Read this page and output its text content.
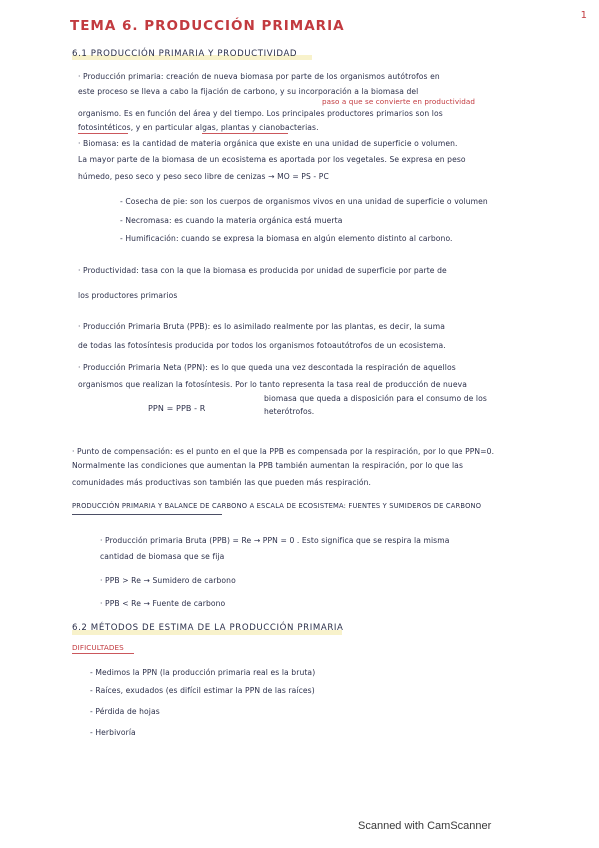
TEMA 6. PRODUCCIÓN PRIMARIA
1
6.1 PRODUCCIÓN PRIMARIA Y PRODUCTIVIDAD
· Producción primaria: creación de nueva biomasa por parte de los organismos autótrofos en
paso a que se convierte en productividad
este proceso se lleva a cabo la fijación de carbono, y su incorporación a la biomasa del
organismo. Es en función del área y del tiempo. Los principales productores primarios son los
fotosintéticos, y en particular algas, plantas y cianobacterias.
· Biomasa: es la cantidad de materia orgánica que existe en una unidad de superficie o volumen.
La mayor parte de la biomasa de un ecosistema es aportada por los vegetales. Se expresa en peso
húmedo, peso seco y peso seco libre de cenizas → MO = PS - PC
- Cosecha de pie: son los cuerpos de organismos vivos en una unidad de superficie o volumen
- Necromasa: es cuando la materia orgánica está muerta
- Humificación: cuando se expresa la biomasa en algún elemento distinto al carbono.
· Productividad: tasa con la que la biomasa es producida por unidad de superficie por parte de
los productores primarios
· Producción Primaria Bruta (PPB): es lo asimilado realmente por las plantas, es decir, la suma
de todas las fotosíntesis producida por todos los organismos fotoautótrofos de un ecosistema.
· Producción Primaria Neta (PPN): es lo que queda una vez descontada la respiración de aquellos
organismos que realizan la fotosíntesis. Por lo tanto representa la tasa real de producción de nueva
biomasa que queda a disposición para el consumo de los
heterótrofos.
PPN = PPB - R
· Punto de compensación: es el punto en el que la PPB es compensada por la respiración, por lo que PPN=0.
Normalmente las condiciones que aumentan la PPB también aumentan la respiración, por lo que las
comunidades más productivas son también las que pueden más respiración.
PRODUCCIÓN PRIMARIA Y BALANCE DE CARBONO A ESCALA DE ECOSISTEMA: FUENTES Y SUMIDEROS DE CARBONO
· Producción primaria Bruta (PPB) = Re → PPN = 0 . Esto significa que se respira la misma
cantidad de biomasa que se fija
· PPB > Re → Sumidero de carbono
· PPB < Re → Fuente de carbono
6.2 MÉTODOS DE ESTIMA DE LA PRODUCCIÓN PRIMARIA
DIFICULTADES
- Medimos la PPN (la producción primaria real es la bruta)
- Raíces, exudados (es difícil estimar la PPN de las raíces)
- Pérdida de hojas
- Herbivoría
Scanned with CamScanner
